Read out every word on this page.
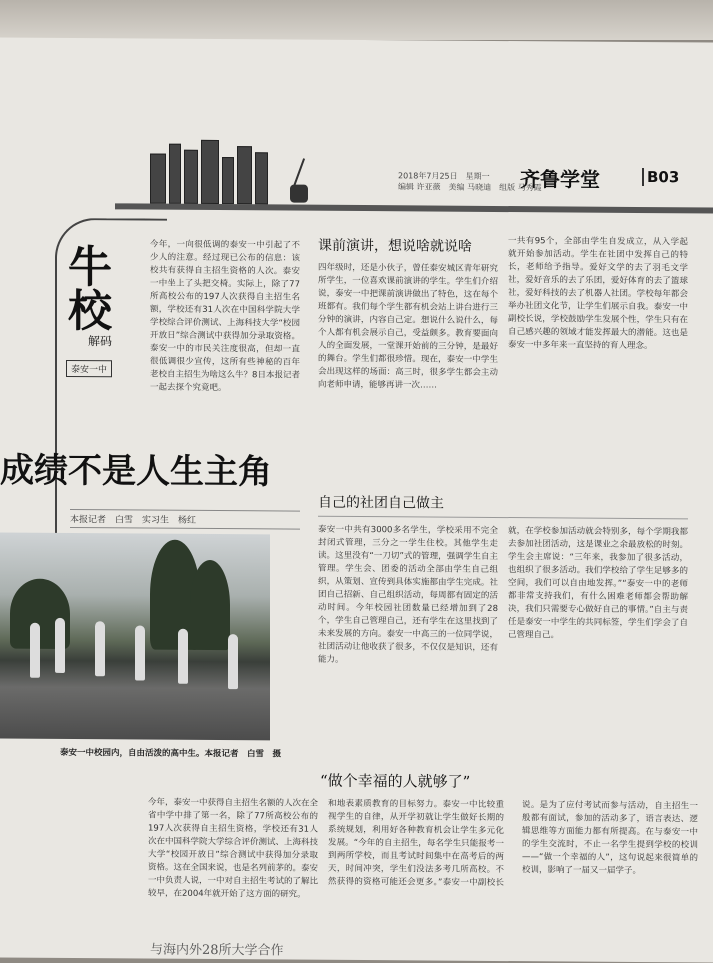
2018年7月25日　星期一
编辑 许亚薇　美编 马晓迪　组版 马秀霞
齐鲁学堂	B03
牛校
解码
泰安一中
今年，一向很低调的泰安一中引起了不少人的注意。经过现已公布的信息：该校共有获得自主招生资格的人次。泰安一中坐上了头把交椅。实际上，除了77所高校公布的197人次获得自主招生名额，学校还有31人次在中国科学院大学学校综合评价测试、上海科技大学“校园开放日”综合测试中获得加分录取资格。泰安一中的市民关注度很高，但却一直很低调很少宣传，这所有些神秘的百年老校自主招生为啥这么牛？8日本报记者一起去探个究竟吧。
成绩不是人生主角
本报记者　白雪　实习生　杨红
泰安一中校园内，自由活泼的高中生。本报记者　白雪　摄
课前演讲，想说啥就说啥
四年级时，还是小伙子，曾任泰安城区青年研究所学生，一位喜欢课前演讲的学生。学生们介绍说，泰安一中把课前演讲做出了特色，这在每个班都有。我们每个学生都有机会站上讲台进行三分钟的演讲，内容自己定。想说什么说什么，每个人都有机会展示自己，受益颇多。教育要面向人的全面发展，一堂课开始前的三分钟，是最好的舞台。学生们都很珍惜。现在，泰安一中学生会出现这样的场面：高三时，很多学生都会主动向老师申请，能够再讲一次……
一共有95个，全部由学生自发成立，从入学起就开始参加活动。学生在社团中发挥自己的特长，老师给予指导。爱好文学的去了羽毛文学社，爱好音乐的去了乐团，爱好体育的去了篮球社，爱好科技的去了机器人社团。学校每年都会举办社团文化节，让学生们展示自我。泰安一中副校长说，学校鼓励学生发展个性，学生只有在自己感兴趣的领域才能发挥最大的潜能。这也是泰安一中多年来一直坚持的育人理念。
自己的社团自己做主
泰安一中共有3000多名学生，学校采用不完全封闭式管理，三分之一学生住校。其他学生走读。这里没有“一刀切”式的管理，强调学生自主管理。学生会、团委的活动全部由学生自己组织，从策划、宣传到具体实施都由学生完成。社团自己招新、自己组织活动，每周都有固定的活动时间。今年校园社团数量已经增加到了28个，学生自己管理自己，还有学生在这里找到了未来发展的方向。泰安一中高三的一位同学说，社团活动让他收获了很多，不仅仅是知识，还有能力。
就，在学校参加活动就会特别多，每个学期我都去参加社团活动，这是课业之余最放松的时刻。学生会主席说：“三年来，我参加了很多活动，也组织了很多活动。我们学校给了学生足够多的空间，我们可以自由地发挥。”“泰安一中的老师都非常支持我们，有什么困难老师都会帮助解决，我们只需要专心做好自己的事情。”自主与责任是泰安一中学生的共同标签，学生们学会了自己管理自己。
“做个幸福的人就够了”
今年，泰安一中获得自主招生名额的人次在全省中学中排了第一名，除了77所高校公布的197人次获得自主招生资格，学校还有31人次在中国科学院大学综合评价测试、上海科技大学“校园开放日”综合测试中获得加分录取资格。这在全国来说，也是名列前茅的。泰安一中负责人说，一中对自主招生考试的了解比较早，在2004年就开始了这方面的研究。
和地表素质教育的目标努力。泰安一中比较重视学生的自律，从开学初就让学生做好长期的系统规划，利用好各种教育机会让学生多元化发展。“今年的自主招生，每名学生只能报考一到两所学校，而且考试时间集中在高考后的两天，时间冲突，学生们没法多考几所高校。不然获得的资格可能还会更多。”泰安一中副校长说。是为了应付考试而参与活动，自主招生一般都有面试，参加的活动多了，语言表达、逻辑思维等方面能力都有所提高。在与泰安一中的学生交流时，不止一名学生提到学校的校训——“做一个幸福的人”，这句说起来很简单的校训，影响了一届又一届学子。
与海内外28所大学合作
